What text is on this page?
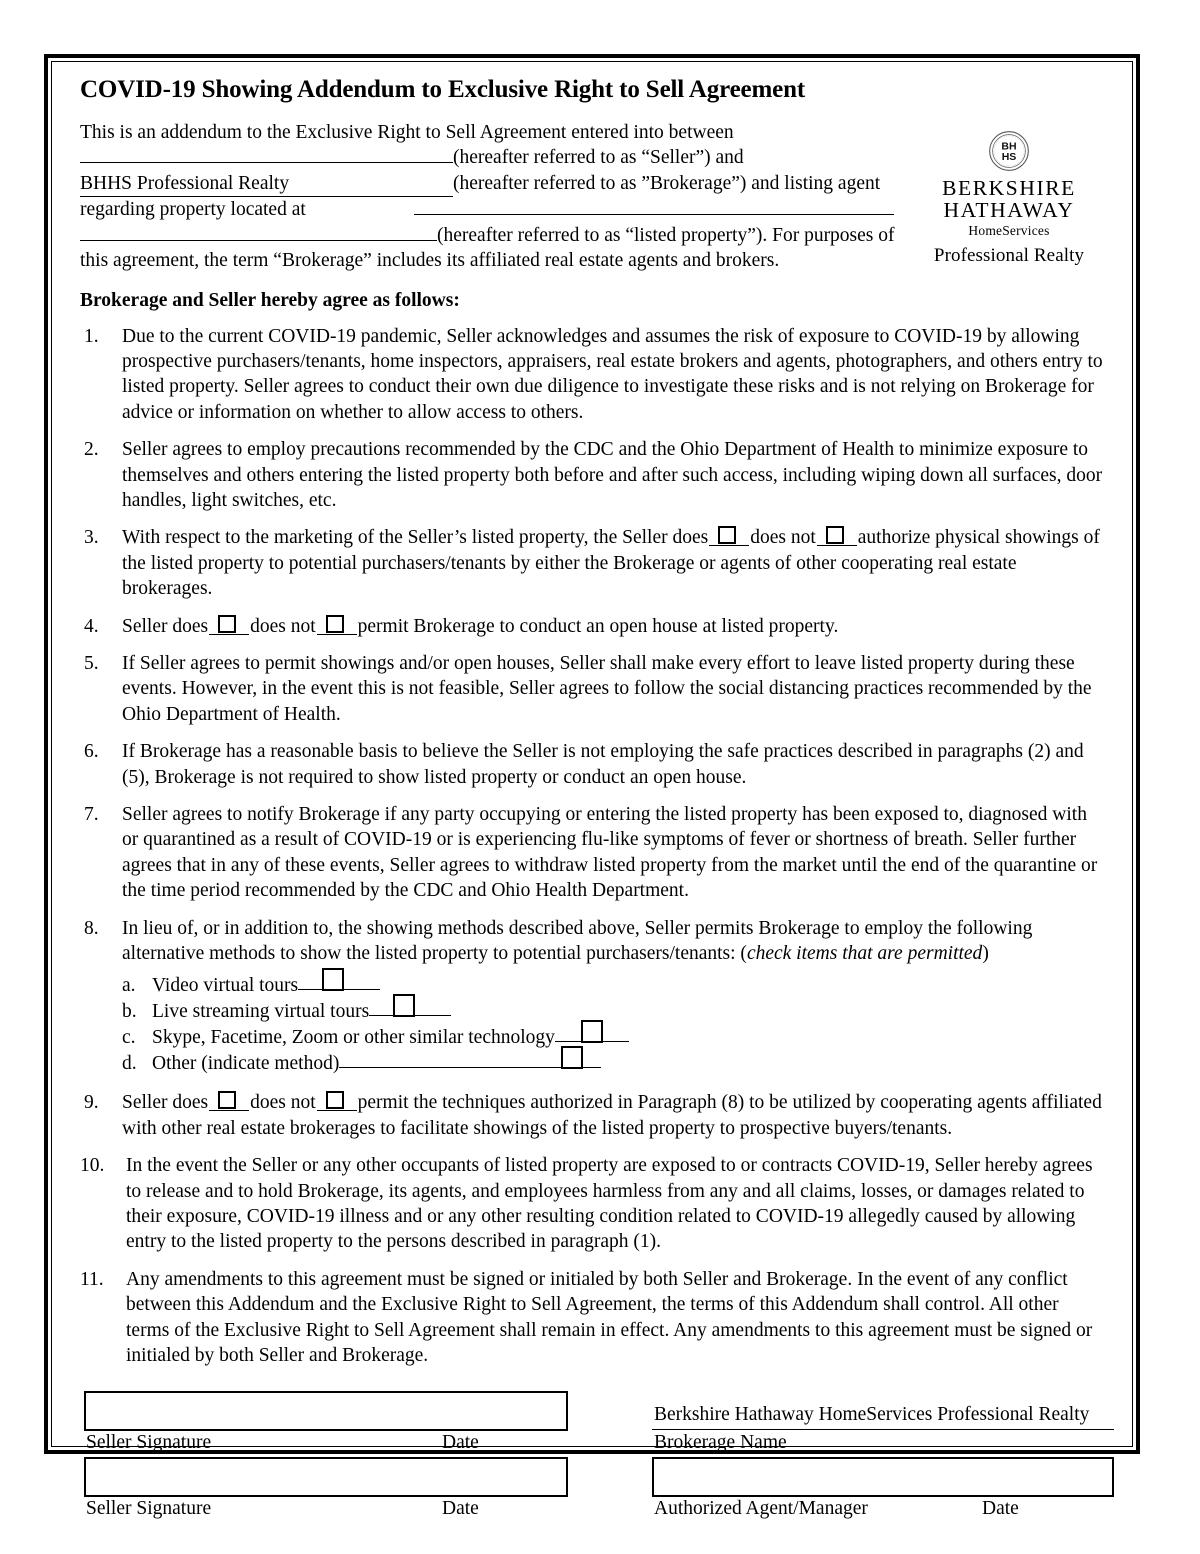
COVID-19 Showing Addendum to Exclusive Right to Sell Agreement
BH
HS
BERKSHIRE
HATHAWAY
HomeServices
Professional Realty
This is an addendum to the Exclusive Right to Sell Agreement entered into between
(hereafter referred to as “Seller”) and
BHHS Professional Realty	(hereafter referred to as ”Brokerage”) and listing agent
regarding property located at
(hereafter referred to as “listed property”). For purposes of
this agreement, the term “Brokerage” includes its affiliated real estate agents and brokers.
Brokerage and Seller hereby agree as follows:
1.	Due to the current COVID-19 pandemic, Seller acknowledges and assumes the risk of exposure to COVID-19 by allowing prospective purchasers/tenants, home inspectors, appraisers, real estate brokers and agents, photographers, and others entry to listed property. Seller agrees to conduct their own due diligence to investigate these risks and is not relying on Brokerage for advice or information on whether to allow access to others.
2.	Seller agrees to employ precautions recommended by the CDC and the Ohio Department of Health to minimize exposure to themselves and others entering the listed property both before and after such access, including wiping down all surfaces, door handles, light switches, etc.
3.	With respect to the marketing of the Seller’s listed property, the Seller does does not authorize physical showings of the listed property to potential purchasers/tenants by either the Brokerage or agents of other cooperating real estate brokerages.
4.	Seller does does not permit Brokerage to conduct an open house at listed property.
5.	If Seller agrees to permit showings and/or open houses, Seller shall make every effort to leave listed property during these events. However, in the event this is not feasible, Seller agrees to follow the social distancing practices recommended by the Ohio Department of Health.
6.	If Brokerage has a reasonable basis to believe the Seller is not employing the safe practices described in paragraphs (2) and (5), Brokerage is not required to show listed property or conduct an open house.
7.	Seller agrees to notify Brokerage if any party occupying or entering the listed property has been exposed to, diagnosed with or quarantined as a result of COVID-19 or is experiencing flu-like symptoms of fever or shortness of breath. Seller further agrees that in any of these events, Seller agrees to withdraw listed property from the market until the end of the quarantine or the time period recommended by the CDC and Ohio Health Department.
8.	In lieu of, or in addition to, the showing methods described above, Seller permits Brokerage to employ the following alternative methods to show the listed property to potential purchasers/tenants: (check items that are permitted)
a. Video virtual tours
b. Live streaming virtual tours
c. Skype, Facetime, Zoom or other similar technology
d. Other (indicate method)
9.	Seller does does not permit the techniques authorized in Paragraph (8) to be utilized by cooperating agents affiliated with other real estate brokerages to facilitate showings of the listed property to prospective buyers/tenants.
10.	In the event the Seller or any other occupants of listed property are exposed to or contracts COVID-19, Seller hereby agrees to release and to hold Brokerage, its agents, and employees harmless from any and all claims, losses, or damages related to their exposure, COVID-19 illness and or any other resulting condition related to COVID-19 allegedly caused by allowing entry to the listed property to the persons described in paragraph (1).
11.	Any amendments to this agreement must be signed or initialed by both Seller and Brokerage. In the event of any conflict between this Addendum and the Exclusive Right to Sell Agreement, the terms of this Addendum shall control. All other terms of the Exclusive Right to Sell Agreement shall remain in effect. Any amendments to this agreement must be signed or initialed by both Seller and Brokerage.
Seller Signature	Date
Seller Signature	Date
Berkshire Hathaway HomeServices Professional Realty
Brokerage Name
Authorized Agent/Manager	Date
